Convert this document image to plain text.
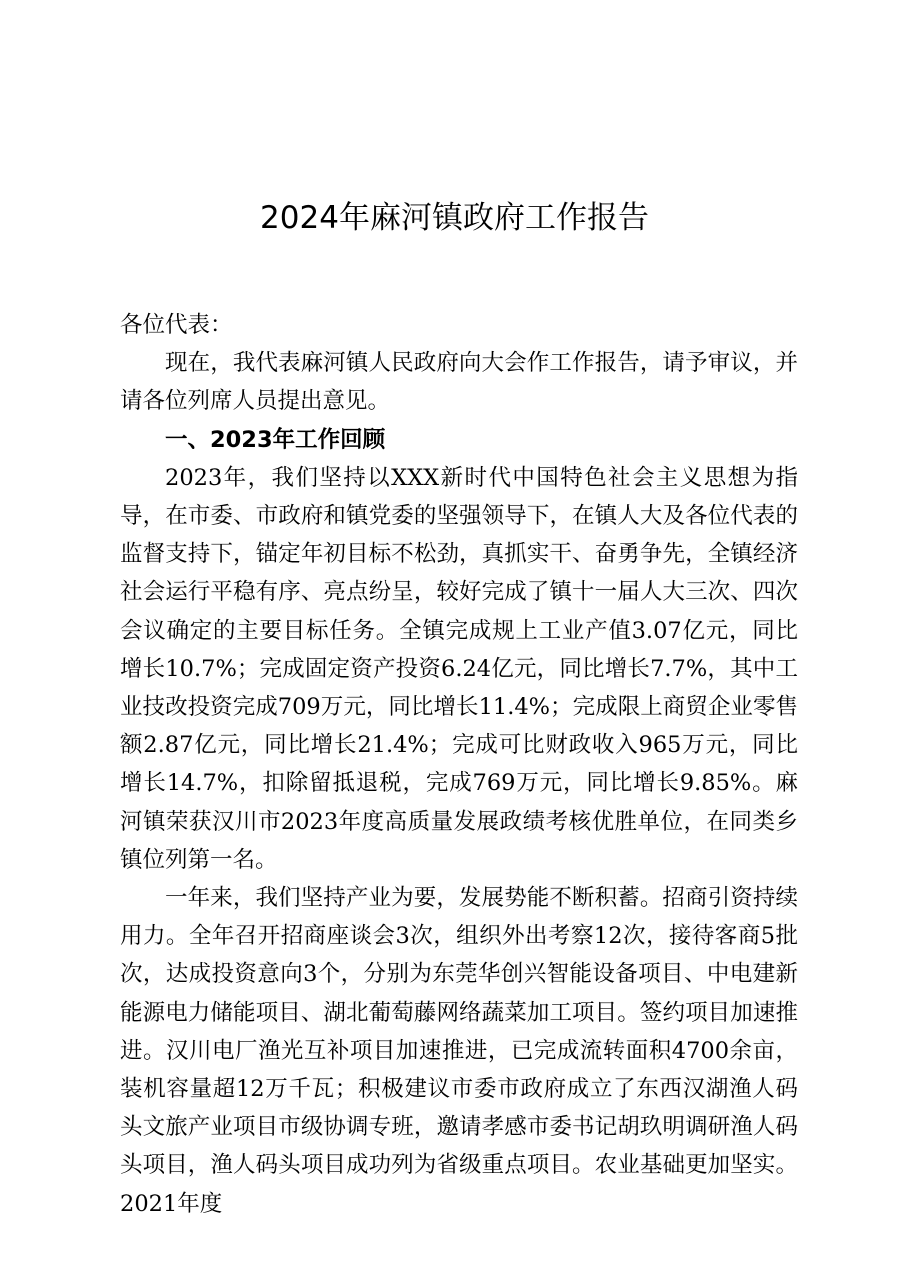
2024年麻河镇政府工作报告

各位代表：

现在，我代表麻河镇人民政府向大会作工作报告，请予审议，并请各位列席人员提出意见。

一、2023年工作回顾

2023年，我们坚持以XXX新时代中国特色社会主义思想为指导，在市委、市政府和镇党委的坚强领导下，在镇人大及各位代表的监督支持下，锚定年初目标不松劲，真抓实干、奋勇争先，全镇经济社会运行平稳有序、亮点纷呈，较好完成了镇十一届人大三次、四次会议确定的主要目标任务。全镇完成规上工业产值3.07亿元，同比增长10.7%；完成固定资产投资6.24亿元，同比增长7.7%，其中工业技改投资完成709万元，同比增长11.4%；完成限上商贸企业零售额2.87亿元，同比增长21.4%；完成可比财政收入965万元，同比增长14.7%，扣除留抵退税，完成769万元，同比增长9.85%。麻河镇荣获汉川市2023年度高质量发展政绩考核优胜单位，在同类乡镇位列第一名。

一年来，我们坚持产业为要，发展势能不断积蓄。招商引资持续用力。全年召开招商座谈会3次，组织外出考察12次，接待客商5批次，达成投资意向3个，分别为东莞华创兴智能设备项目、中电建新能源电力储能项目、湖北葡萄藤网络蔬菜加工项目。签约项目加速推进。汉川电厂渔光互补项目加速推进，已完成流转面积4700余亩，装机容量超12万千瓦；积极建议市委市政府成立了东西汉湖渔人码头文旅产业项目市级协调专班，邀请孝感市委书记胡玖明调研渔人码头项目，渔人码头项目成功列为省级重点项目。农业基础更加坚实。2021年度
